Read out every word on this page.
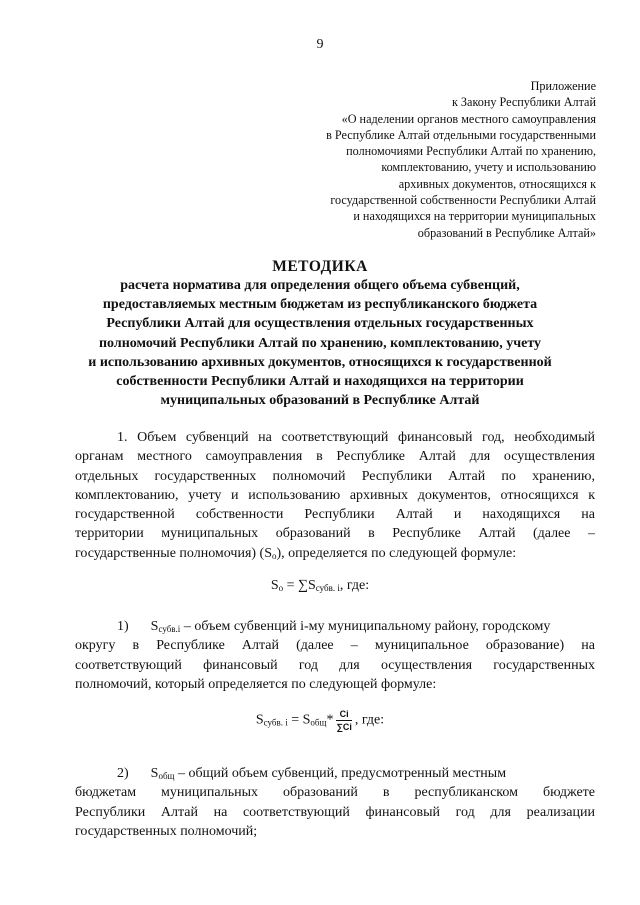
9
Приложение
к Закону Республики Алтай
«О наделении органов местного самоуправления
в Республике Алтай отдельными государственными
полномочиями Республики Алтай по хранению,
комплектованию, учету и использованию
архивных документов, относящихся к
государственной собственности Республики Алтай
и находящихся на территории муниципальных
образований в Республике Алтай»
МЕТОДИКА
расчета норматива для определения общего объема субвенций,
предоставляемых местным бюджетам из республиканского бюджета
Республики Алтай для осуществления отдельных государственных
полномочий Республики Алтай по хранению, комплектованию, учету
и использованию архивных документов, относящихся к государственной
собственности Республики Алтай и находящихся на территории
муниципальных образований в Республике Алтай
1. Объем субвенций на соответствующий финансовый год, необходимый
органам местного самоуправления в Республике Алтай для осуществления
отдельных государственных полномочий Республики Алтай по хранению,
комплектованию, учету и использованию архивных документов, относящихся к
государственной собственности Республики Алтай и находящихся на
территории муниципальных образований в Республике Алтай (далее –
государственные полномочия) $(S_о)$, определяется по следующей формуле:
$S_о = \sum S_{субв. i}$, где:
1) $S_{субв.i}$ – объем субвенций i-му муниципальному району, городскому
округу в Республике Алтай (далее – муниципальное образование) на
соответствующий финансовый год для осуществления государственных
полномочий, который определяется по следующей формуле:
$S_{субв. i} = S_{общ}* \frac{Ci}{\sum Ci}$ , где:
2) $S_{общ}$ – общий объем субвенций, предусмотренный местным
бюджетам муниципальных образований в республиканском бюджете
Республики Алтай на соответствующий финансовый год для реализации
государственных полномочий;
